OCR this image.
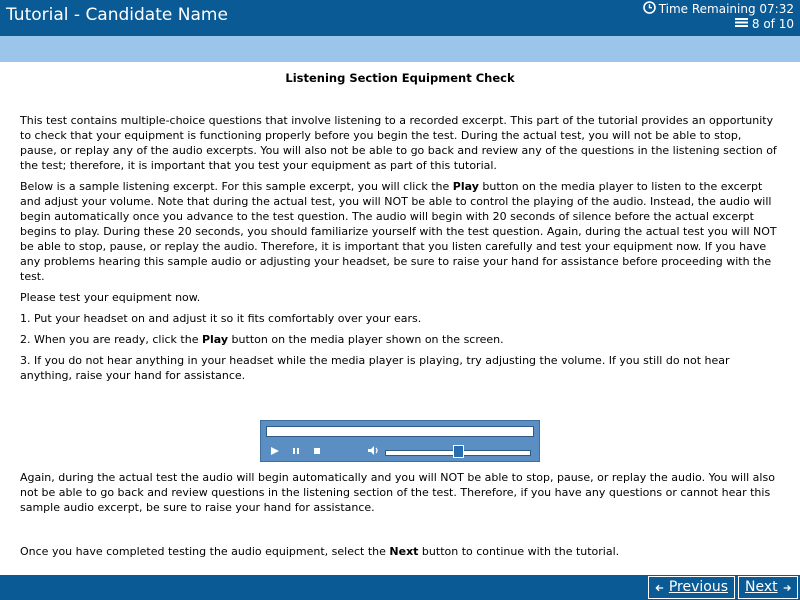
Tutorial - Candidate Name	Time Remaining 07:32
8 of 10
Listening Section Equipment Check

This test contains multiple-choice questions that involve listening to a recorded excerpt. This part of the tutorial provides an opportunity to check that your equipment is functioning properly before you begin the test. During the actual test, you will not be able to stop, pause, or replay any of the audio excerpts. You will also not be able to go back and review any of the questions in the listening section of the test; therefore, it is important that you test your equipment as part of this tutorial.

Below is a sample listening excerpt. For this sample excerpt, you will click the Play button on the media player to listen to the excerpt and adjust your volume. Note that during the actual test, you will NOT be able to control the playing of the audio. Instead, the audio will begin automatically once you advance to the test question. The audio will begin with 20 seconds of silence before the actual excerpt begins to play. During these 20 seconds, you should familiarize yourself with the test question. Again, during the actual test you will NOT be able to stop, pause, or replay the audio. Therefore, it is important that you listen carefully and test your equipment now. If you have any problems hearing this sample audio or adjusting your headset, be sure to raise your hand for assistance before proceeding with the test.

Please test your equipment now.

1. Put your headset on and adjust it so it fits comfortably over your ears.

2. When you are ready, click the Play button on the media player shown on the screen.

3. If you do not hear anything in your headset while the media player is playing, try adjusting the volume. If you still do not hear anything, raise your hand for assistance.

Again, during the actual test the audio will begin automatically and you will NOT be able to stop, pause, or replay the audio. You will also not be able to go back and review questions in the listening section of the test. Therefore, if you have any questions or cannot hear this sample audio excerpt, be sure to raise your hand for assistance.
Once you have completed testing the audio equipment, select the Next button to continue with the tutorial.
Previous Next
